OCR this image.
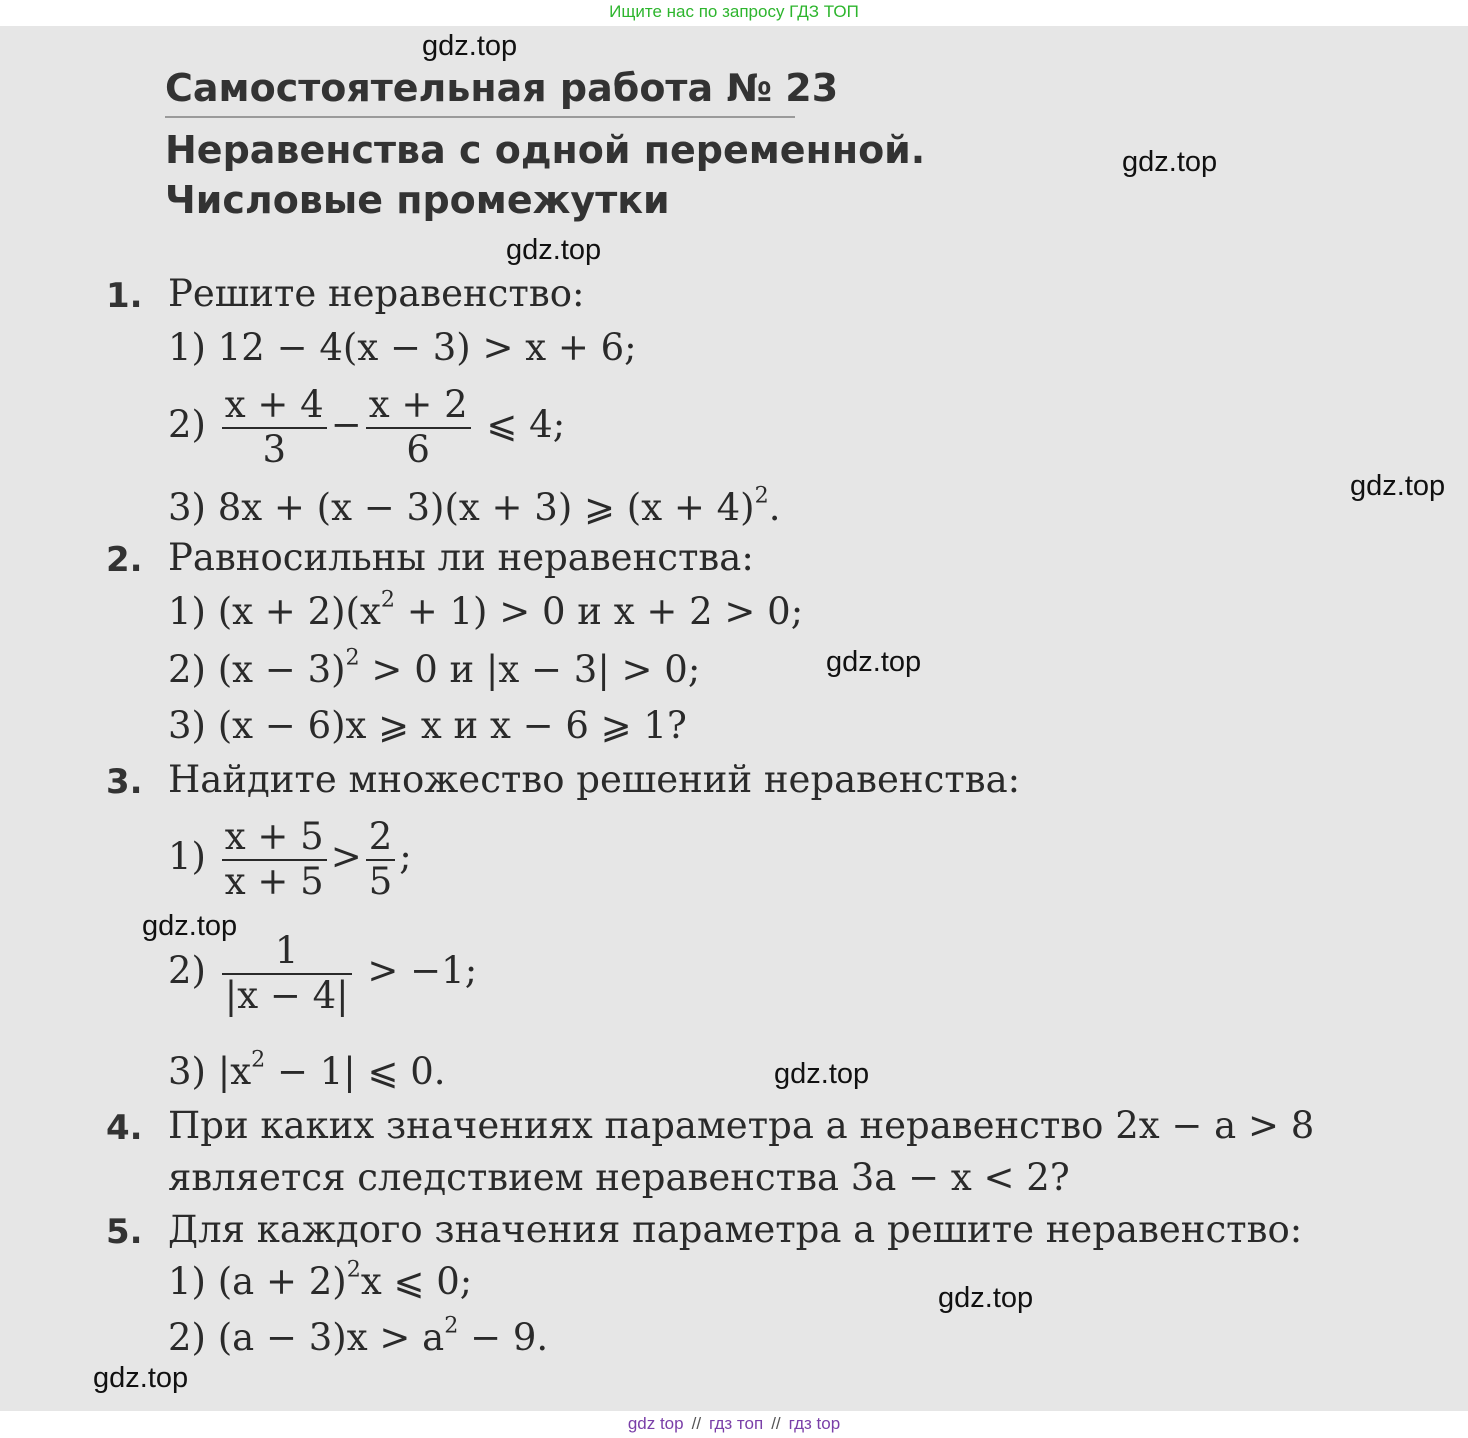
Ищите нас по запросу ГДЗ ТОП
Самостоятельная работа № 23
Неравенства с одной переменной.
Числовые промежутки
1. Решите неравенство:
1) 12 − 4(x − 3) > x + 6;
$2) \frac{x + 4}{3} - \frac{x + 2}{6}$ ⩽ 4;
3) 8x + (x − 3)(x + 3) ⩾ $(x + 4)^2$.
2. Равносильны ли неравенства:
1) $(x + 2)(x^2 + 1) > 0$ и x + 2 > 0;
2) $(x - 3)^2 > 0$ и |x − 3| > 0;
3) (x − 6)x ⩾ x и x − 6 ⩾ 1?
3. Найдите множество решений неравенства:
$1) \frac{x + 5}{x + 5} > \frac{2}{5}$ ;
$2) \frac{1}{|x - 4|} > -1$;
3) $|x^2 - 1|$ ⩽ 0.
4. При каких значениях параметра a неравенство 2x − a > 8
является следствием неравенства 3a − x < 2?
5. Для каждого значения параметра a решите неравенство:
1) $(a + 2)^2x$ ⩽ 0;
2) $(a - 3)x > a^2 - 9$.
gdz.top
gdz.top
gdz.top
gdz.top
gdz.top
gdz.top
gdz.top
gdz.top
gdz.top
gdz top // гдз топ // гдз top
